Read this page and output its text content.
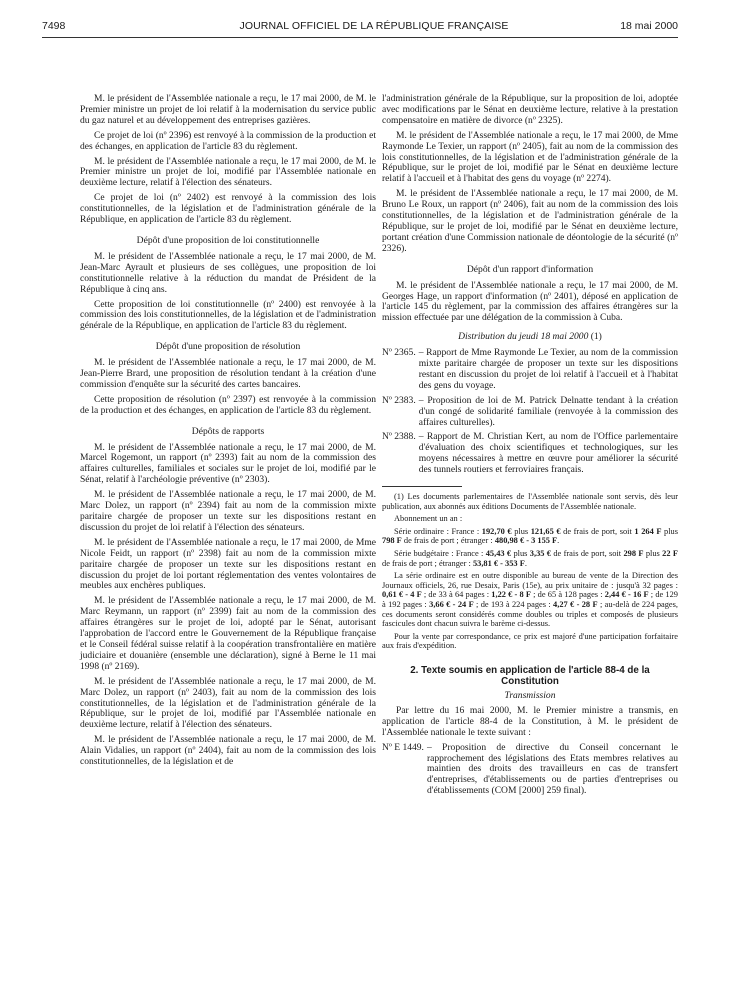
7498	JOURNAL OFFICIEL DE LA RÉPUBLIQUE FRANÇAISE	18 mai 2000

M. le président de l'Assemblée nationale a reçu, le 17 mai 2000, de M. le Premier ministre un projet de loi relatif à la modernisation du service public du gaz naturel et au développement des entreprises gazières.

Ce projet de loi (nº 2396) est renvoyé à la commission de la production et des échanges, en application de l'article 83 du règlement.

M. le président de l'Assemblée nationale a reçu, le 17 mai 2000, de M. le Premier ministre un projet de loi, modifié par l'Assemblée nationale en deuxième lecture, relatif à l'élection des sénateurs.

Ce projet de loi (nº 2402) est renvoyé à la commission des lois constitutionnelles, de la législation et de l'administration générale de la République, en application de l'article 83 du règlement.

Dépôt d'une proposition de loi constitutionnelle

M. le président de l'Assemblée nationale a reçu, le 17 mai 2000, de M. Jean-Marc Ayrault et plusieurs de ses collègues, une proposition de loi constitutionnelle relative à la réduction du mandat de Président de la République à cinq ans.

Cette proposition de loi constitutionnelle (nº 2400) est renvoyée à la commission des lois constitutionnelles, de la législation et de l'administration générale de la République, en application de l'article 83 du règlement.

Dépôt d'une proposition de résolution

M. le président de l'Assemblée nationale a reçu, le 17 mai 2000, de M. Jean-Pierre Brard, une proposition de résolution tendant à la création d'une commission d'enquête sur la sécurité des cartes bancaires.

Cette proposition de résolution (nº 2397) est renvoyée à la commission de la production et des échanges, en application de l'article 83 du règlement.

Dépôts de rapports

M. le président de l'Assemblée nationale a reçu, le 17 mai 2000, de M. Marcel Rogemont, un rapport (nº 2393) fait au nom de la commission des affaires culturelles, familiales et sociales sur le projet de loi, modifié par le Sénat, relatif à l'archéologie préventive (nº 2303).

M. le président de l'Assemblée nationale a reçu, le 17 mai 2000, de M. Marc Dolez, un rapport (nº 2394) fait au nom de la commission mixte paritaire chargée de proposer un texte sur les dispositions restant en discussion du projet de loi relatif à l'élection des sénateurs.

M. le président de l'Assemblée nationale a reçu, le 17 mai 2000, de Mme Nicole Feidt, un rapport (nº 2398) fait au nom de la commission mixte paritaire chargée de proposer un texte sur les dispositions restant en discussion du projet de loi portant réglementation des ventes volontaires de meubles aux enchères publiques.

M. le président de l'Assemblée nationale a reçu, le 17 mai 2000, de M. Marc Reymann, un rapport (nº 2399) fait au nom de la commission des affaires étrangères sur le projet de loi, adopté par le Sénat, autorisant l'approbation de l'accord entre le Gouvernement de la République française et le Conseil fédéral suisse relatif à la coopération transfrontalière en matière judiciaire et douanière (ensemble une déclaration), signé à Berne le 11 mai 1998 (nº 2169).

M. le président de l'Assemblée nationale a reçu, le 17 mai 2000, de M. Marc Dolez, un rapport (nº 2403), fait au nom de la commission des lois constitutionnelles, de la législation et de l'administration générale de la République, sur le projet de loi, modifié par l'Assemblée nationale en deuxième lecture, relatif à l'élection des sénateurs.

M. le président de l'Assemblée nationale a reçu, le 17 mai 2000, de M. Alain Vidalies, un rapport (nº 2404), fait au nom de la commission des lois constitutionnelles, de la législation et de

l'administration générale de la République, sur la proposition de loi, adoptée avec modifications par le Sénat en deuxième lecture, relative à la prestation compensatoire en matière de divorce (nº 2325).

M. le président de l'Assemblée nationale a reçu, le 17 mai 2000, de Mme Raymonde Le Texier, un rapport (nº 2405), fait au nom de la commission des lois constitutionnelles, de la législation et de l'administration générale de la République, sur le projet de loi, modifié par le Sénat en deuxième lecture relatif à l'accueil et à l'habitat des gens du voyage (nº 2274).

M. le président de l'Assemblée nationale a reçu, le 17 mai 2000, de M. Bruno Le Roux, un rapport (nº 2406), fait au nom de la commission des lois constitutionnelles, de la législation et de l'administration générale de la République, sur le projet de loi, modifié par le Sénat en deuxième lecture, portant création d'une Commission nationale de déontologie de la sécurité (nº 2326).

Dépôt d'un rapport d'information

M. le président de l'Assemblée nationale a reçu, le 17 mai 2000, de M. Georges Hage, un rapport d'information (nº 2401), déposé en application de l'article 145 du règlement, par la commission des affaires étrangères sur la mission effectuée par une délégation de la commission à Cuba.

Distribution du jeudi 18 mai 2000 (1)
Nº 2365. – Rapport de Mme Raymonde Le Texier, au nom de la commission mixte paritaire chargée de proposer un texte sur les dispositions restant en discussion du projet de loi relatif à l'accueil et à l'habitat des gens du voyage.
Nº 2383. – Proposition de loi de M. Patrick Delnatte tendant à la création d'un congé de solidarité familiale (renvoyée à la commission des affaires culturelles).
Nº 2388. – Rapport de M. Christian Kert, au nom de l'Office parlementaire d'évaluation des choix scientifiques et technologiques, sur les moyens nécessaires à mettre en œuvre pour améliorer la sécurité des tunnels routiers et ferroviaires français.

(1) Les documents parlementaires de l'Assemblée nationale sont servis, dès leur publication, aux abonnés aux éditions Documents de l'Assemblée nationale.

Abonnement un an :

Série ordinaire : France : 192,70 € plus 121,65 € de frais de port, soit 1 264 F plus 798 F de frais de port ; étranger : 480,98 € - 3 155 F.

Série budgétaire : France : 45,43 € plus 3,35 € de frais de port, soit 298 F plus 22 F de frais de port ; étranger : 53,81 € - 353 F.

La série ordinaire est en outre disponible au bureau de vente de la Direction des Journaux officiels, 26, rue Desaix, Paris (15e), au prix unitaire de : jusqu'à 32 pages : 0,61 € - 4 F ; de 33 à 64 pages : 1,22 € - 8 F ; de 65 à 128 pages : 2,44 € - 16 F ; de 129 à 192 pages : 3,66 € - 24 F ; de 193 à 224 pages : 4,27 € - 28 F ; au-delà de 224 pages, ces documents seront considérés comme doubles ou triples et composés de plusieurs fascicules dont chacun suivra le barème ci-dessus.

Pour la vente par correspondance, ce prix est majoré d'une participation forfaitaire aux frais d'expédition.

2. Texte soumis en application de l'article 88-4 de la Constitution
Transmission

Par lettre du 16 mai 2000, M. le Premier ministre a transmis, en application de l'article 88-4 de la Constitution, à M. le président de l'Assemblée nationale le texte suivant :

Nº E 1449. – Proposition de directive du Conseil concernant le rapprochement des législations des Etats membres relatives au maintien des droits des travailleurs en cas de transfert d'entreprises, d'établissements ou de parties d'entreprises ou d'établissements (COM [2000] 259 final).
